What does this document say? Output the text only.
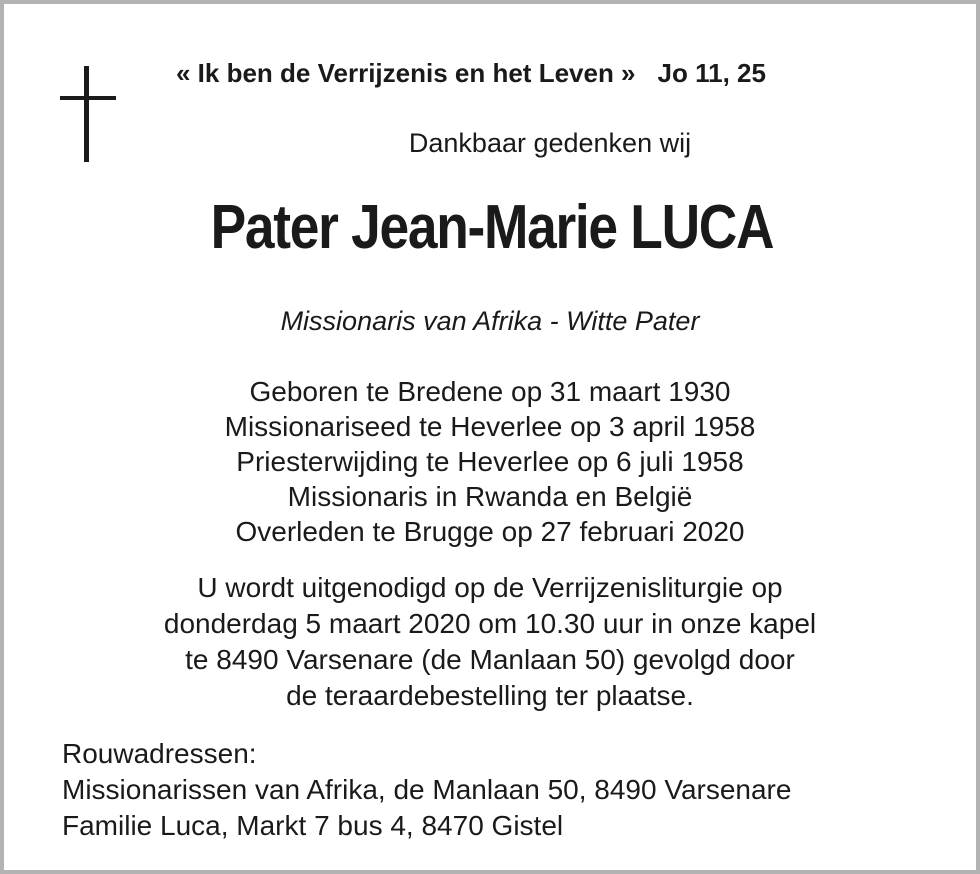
« Ik ben de Verrijzenis en het Leven » Jo 11, 25
Dankbaar gedenken wij
Pater Jean-Marie LUCA
Missionaris van Afrika - Witte Pater
Geboren te Bredene op 31 maart 1930
Missionariseed te Heverlee op 3 april 1958
Priesterwijding te Heverlee op 6 juli 1958
Missionaris in Rwanda en België
Overleden te Brugge op 27 februari 2020
U wordt uitgenodigd op de Verrijzenisliturgie op
donderdag 5 maart 2020 om 10.30 uur in onze kapel
te 8490 Varsenare (de Manlaan 50) gevolgd door
de teraardebestelling ter plaatse.
Rouwadressen:
Missionarissen van Afrika, de Manlaan 50, 8490 Varsenare
Familie Luca, Markt 7 bus 4, 8470 Gistel
